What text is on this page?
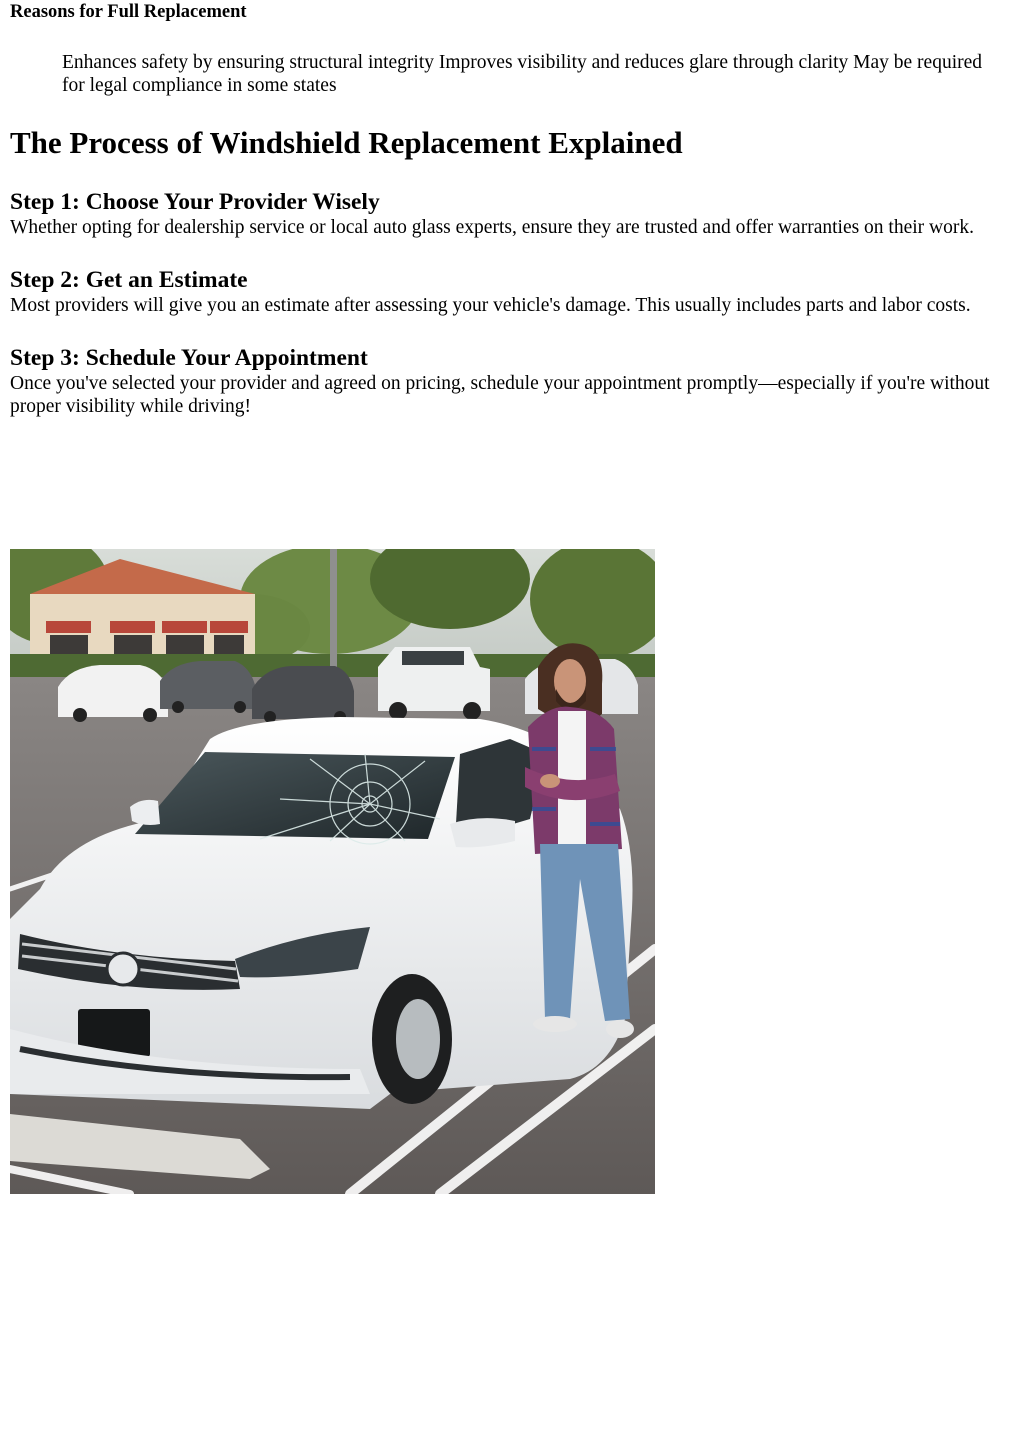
Reasons for Full Replacement
Enhances safety by ensuring structural integrity Improves visibility and reduces glare through clarity May be required for legal compliance in some states
The Process of Windshield Replacement Explained
Step 1: Choose Your Provider Wisely

Whether opting for dealership service or local auto glass experts, ensure they are trusted and offer warranties on their work.

Step 2: Get an Estimate

Most providers will give you an estimate after assessing your vehicle's damage. This usually includes parts and labor costs.

Step 3: Schedule Your Appointment

Once you've selected your provider and agreed on pricing, schedule your appointment promptly—especially if you're without proper visibility while driving!
